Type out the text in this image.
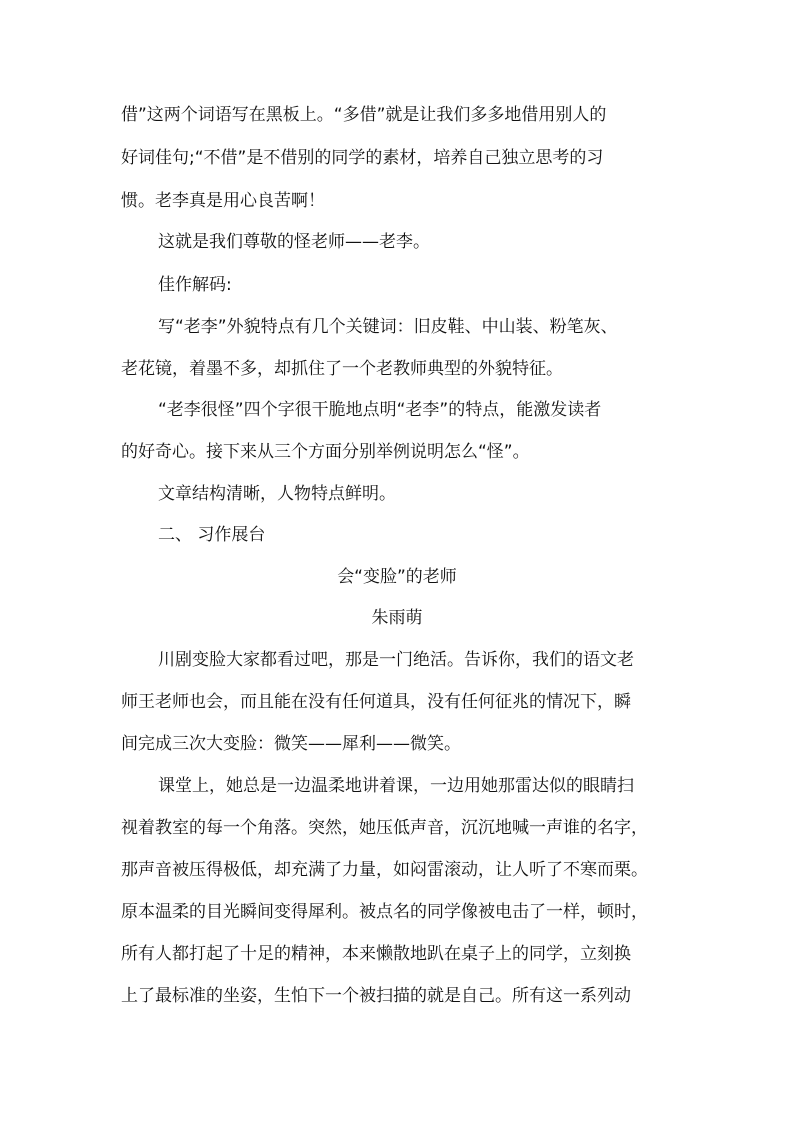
借”这两个词语写在黑板上。“多借”就是让我们多多地借用别人的
好词佳句;“不借”是不借别的同学的素材，培养自己独立思考的习
惯。老李真是用心良苦啊！
这就是我们尊敬的怪老师——老李。
佳作解码:
写“老李”外貌特点有几个关键词：旧皮鞋、中山装、粉笔灰、
老花镜，着墨不多，却抓住了一个老教师典型的外貌特征。
“老李很怪”四个字很干脆地点明“老李”的特点，能激发读者
的好奇心。接下来从三个方面分别举例说明怎么“怪”。
文章结构清晰，人物特点鲜明。
二、 习作展台
会“变脸”的老师
朱雨萌
川剧变脸大家都看过吧，那是一门绝活。告诉你，我们的语文老
师王老师也会，而且能在没有任何道具，没有任何征兆的情况下，瞬
间完成三次大变脸：微笑——犀利——微笑。
课堂上，她总是一边温柔地讲着课，一边用她那雷达似的眼睛扫
视着教室的每一个角落。突然，她压低声音，沉沉地喊一声谁的名字，
那声音被压得极低，却充满了力量，如闷雷滚动，让人听了不寒而栗。
原本温柔的目光瞬间变得犀利。被点名的同学像被电击了一样，顿时，
所有人都打起了十足的精神，本来懒散地趴在桌子上的同学，立刻换
上了最标准的坐姿，生怕下一个被扫描的就是自己。所有这一系列动
